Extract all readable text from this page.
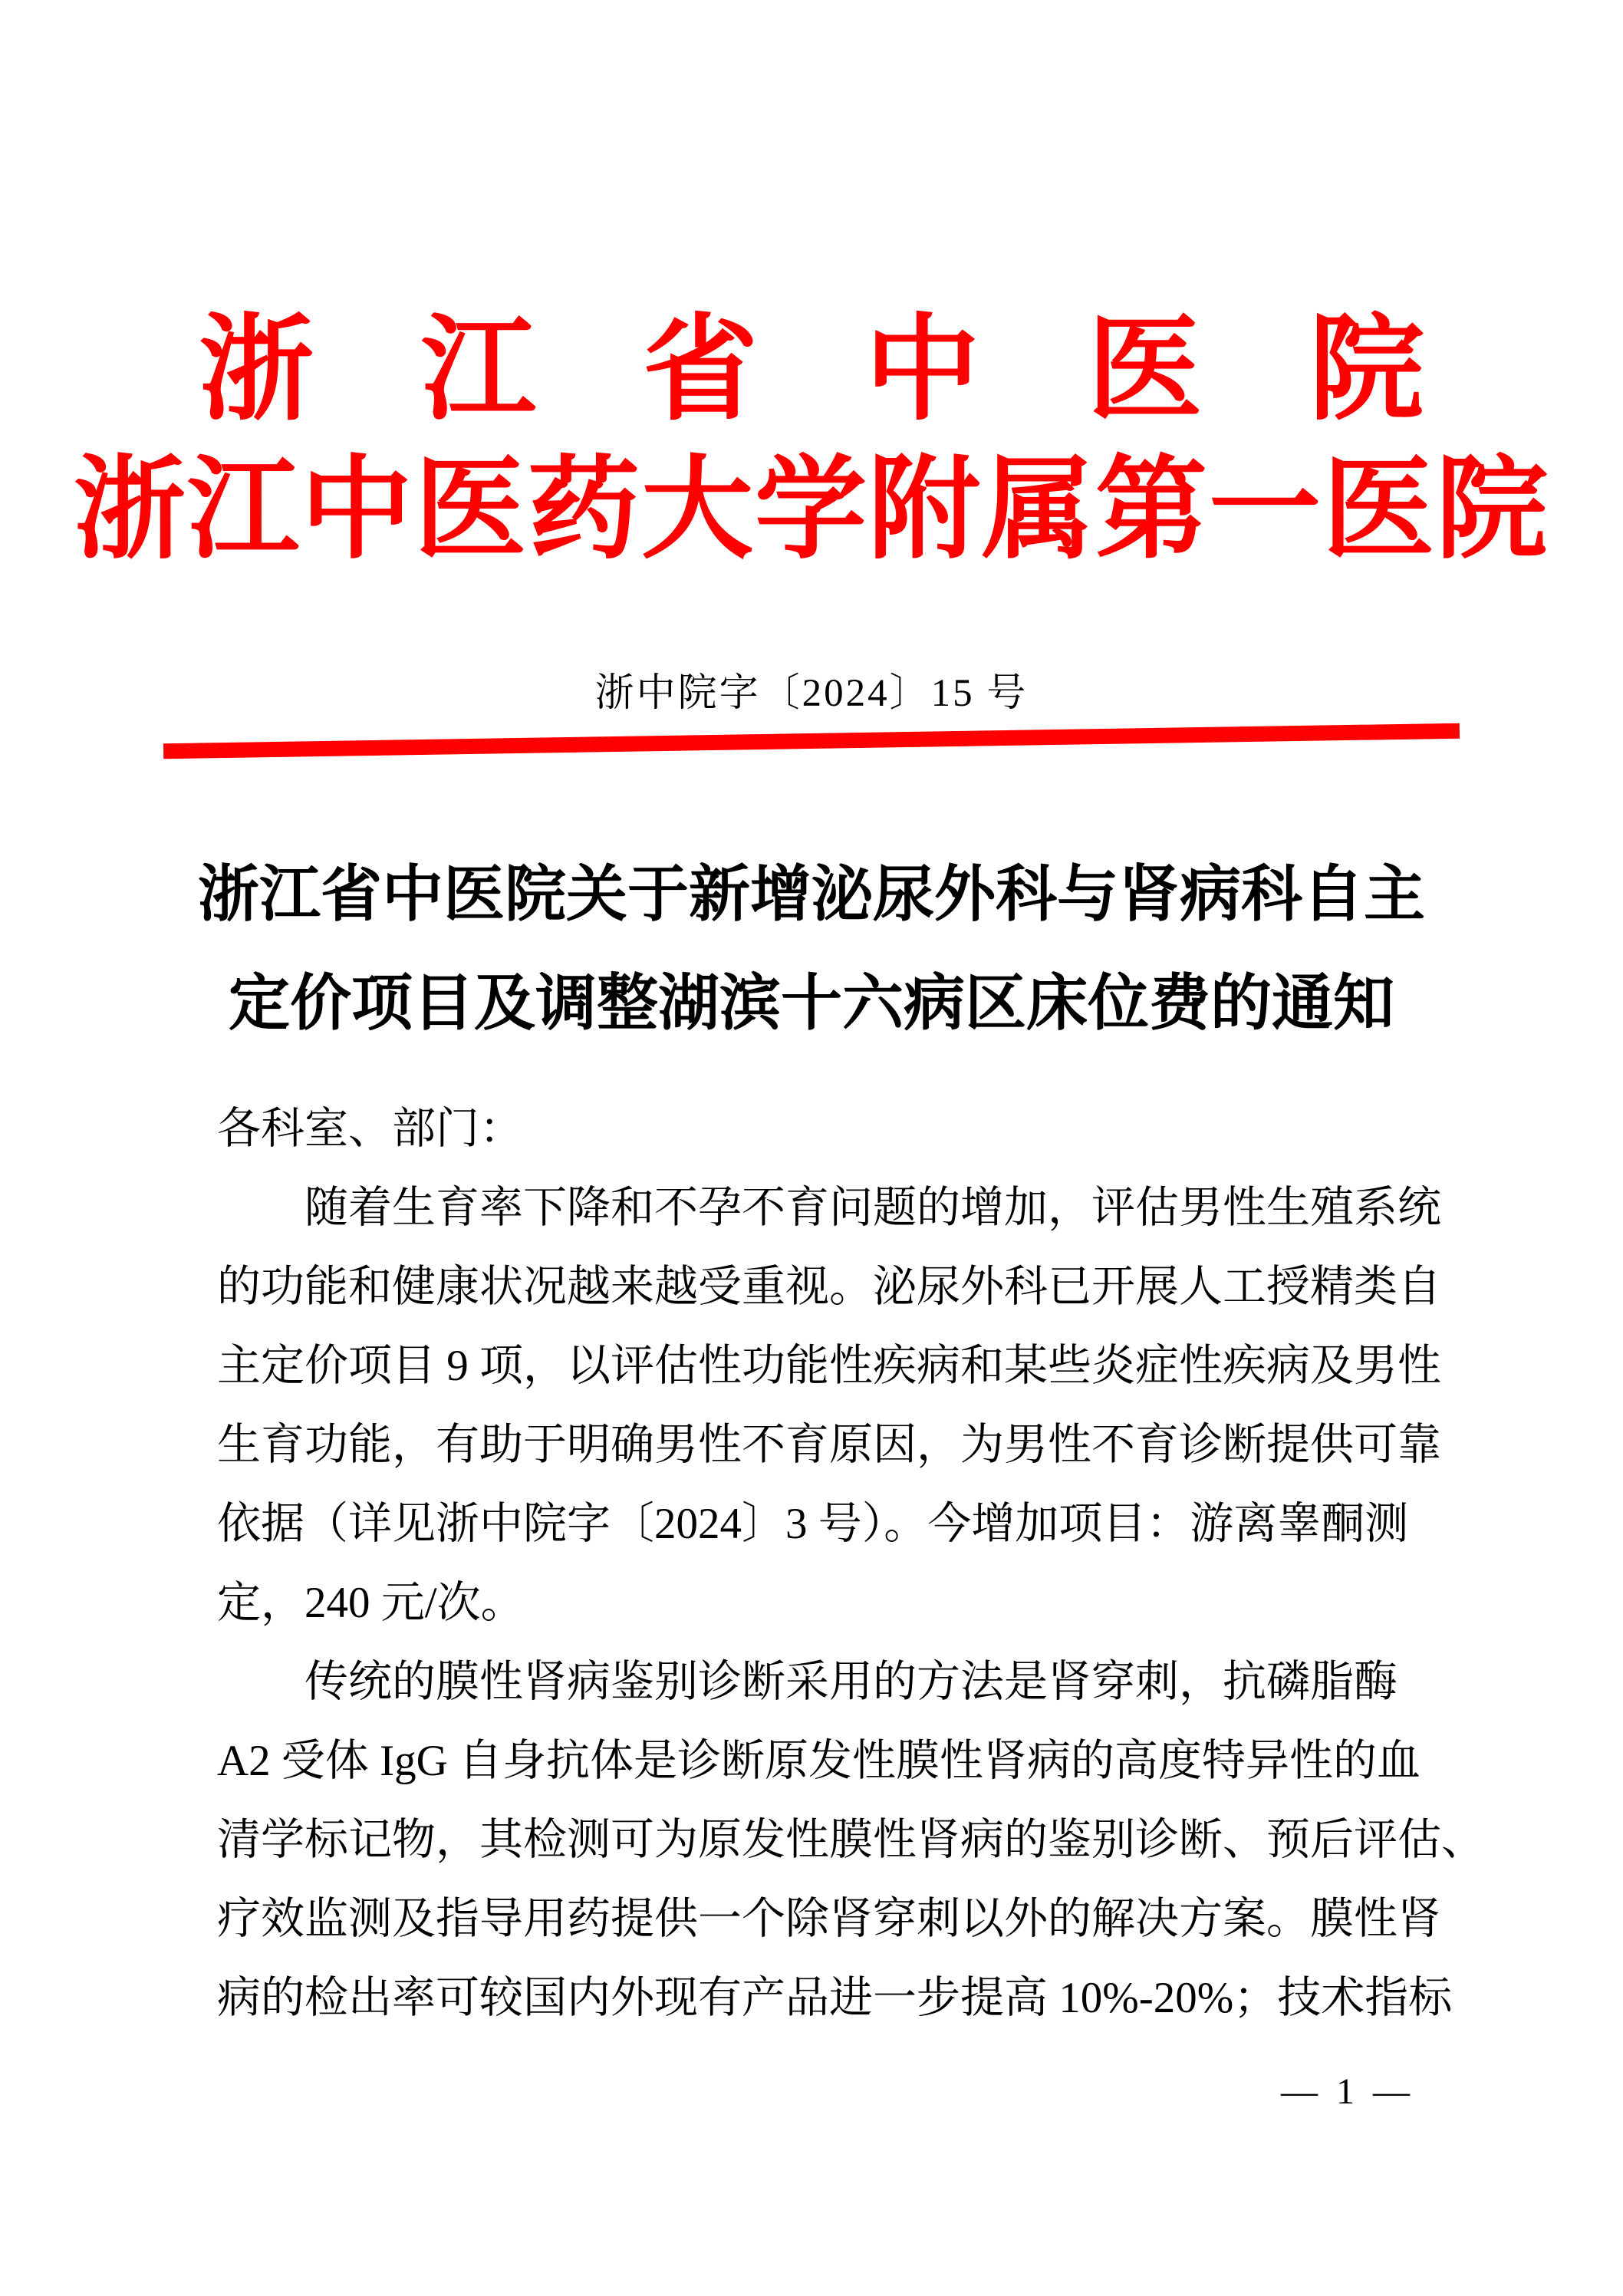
浙江省中医院
浙江中医药大学附属第一医院
浙中院字〔2024〕15 号
浙江省中医院关于新增泌尿外科与肾病科自主
定价项目及调整湖滨十六病区床位费的通知
各科室、部门：
随着生育率下降和不孕不育问题的增加，评估男性生殖系统
的功能和健康状况越来越受重视。泌尿外科已开展人工授精类自
主定价项目 9 项，以评估性功能性疾病和某些炎症性疾病及男性
生育功能，有助于明确男性不育原因，为男性不育诊断提供可靠
依据（详见浙中院字〔2024〕3 号）。今增加项目：游离睾酮测
定，240 元/次。
传统的膜性肾病鉴别诊断采用的方法是肾穿刺，抗磷脂酶
A2 受体 IgG 自身抗体是诊断原发性膜性肾病的高度特异性的血
清学标记物，其检测可为原发性膜性肾病的鉴别诊断、预后评估、
疗效监测及指导用药提供一个除肾穿刺以外的解决方案。膜性肾
病的检出率可较国内外现有产品进一步提高 10%-20%；技术指标
— 1 —
